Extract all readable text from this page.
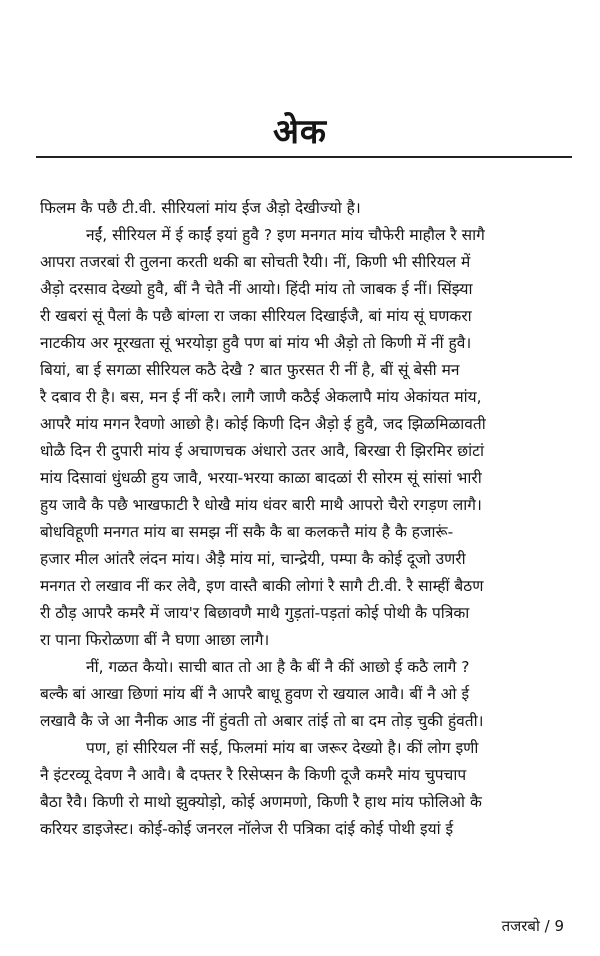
अेक
फिलम कै पछै टी.वी. सीरियलां मांय ईज अैड़ो देखीज्यो है।
नईं, सीरियल में ई काईं इयां हुवै ? इण मनगत मांय चौफेरी माहौल रै सागै
आपरा तजरबां री तुलना करती थकी बा सोचती रैयी। नीं, किणी भी सीरियल में
अैड़ो दरसाव देख्यो हुवै, बीं नै चेतै नीं आयो। हिंदी मांय तो जाबक ई नीं। सिंझ्या
री खबरां सूं पैलां कै पछै बांग्ला रा जका सीरियल दिखाईजै, बां मांय सूं घणकरा
नाटकीय अर मूरखता सूं भरयोड़ा हुवै पण बां मांय भी अैड़ो तो किणी में नीं हुवै।
बियां, बा ई सगळा सीरियल कठै देखै ? बात फुरसत री नीं है, बीं सूं बेसी मन
रै दबाव री है। बस, मन ई नीं करै। लागै जाणै कठैई अेकलापै मांय अेकांयत मांय,
आपरै मांय मगन रैवणो आछो है। कोई किणी दिन अैड़ो ई हुवै, जद झिळमिळावती
धोळै दिन री दुपारी मांय ई अचाणचक अंधारो उतर आवै, बिरखा री झिरमिर छांटां
मांय दिसावां धुंधळी हुय जावै, भरया-भरया काळा बादळां री सोरम सूं सांसां भारी
हुय जावै कै पछै भाखफाटी रै धोखै मांय धंवर बारी माथै आपरो चैरो रगड़ण लागै।
बोधविहूणी मनगत मांय बा समझ नीं सकै कै बा कलकत्तै मांय है कै हजारूं-
हजार मील आंतरै लंदन मांय। अैड़ै मांय मां, चान्द्रेयी, पम्पा कै कोई दूजो उणरी
मनगत रो लखाव नीं कर लेवै, इण वास्तै बाकी लोगां रै सागै टी.वी. रै साम्हीं बैठण
री ठौड़ आपरै कमरै में जाय'र बिछावणै माथै गुड़तां-पड़तां कोई पोथी कै पत्रिका
रा पाना फिरोळणा बीं नै घणा आछा लागै।
नीं, गळत कैयो। साची बात तो आ है कै बीं नै कीं आछो ई कठै लागै ?
बल्कै बां आखा छिणां मांय बीं नै आपरै बाधू हुवण रो खयाल आवै। बीं नै ओ ई
लखावै कै जे आ नैनीक आड नीं हुंवती तो अबार तांई तो बा दम तोड़ चुकी हुंवती।
पण, हां सीरियल नीं सई, फिलमां मांय बा जरूर देख्यो है। कीं लोग इणी
नै इंटरव्यू देवण नै आवै। बै दफ्तर रै रिसेप्सन कै किणी दूजै कमरै मांय चुपचाप
बैठा रैवै। किणी रो माथो झुक्योड़ो, कोई अणमणो, किणी रै हाथ मांय फोलिओ कै
करियर डाइजेस्ट। कोई-कोई जनरल नॉलेज री पत्रिका दांई कोई पोथी इयां ई
तजरबो / 9
